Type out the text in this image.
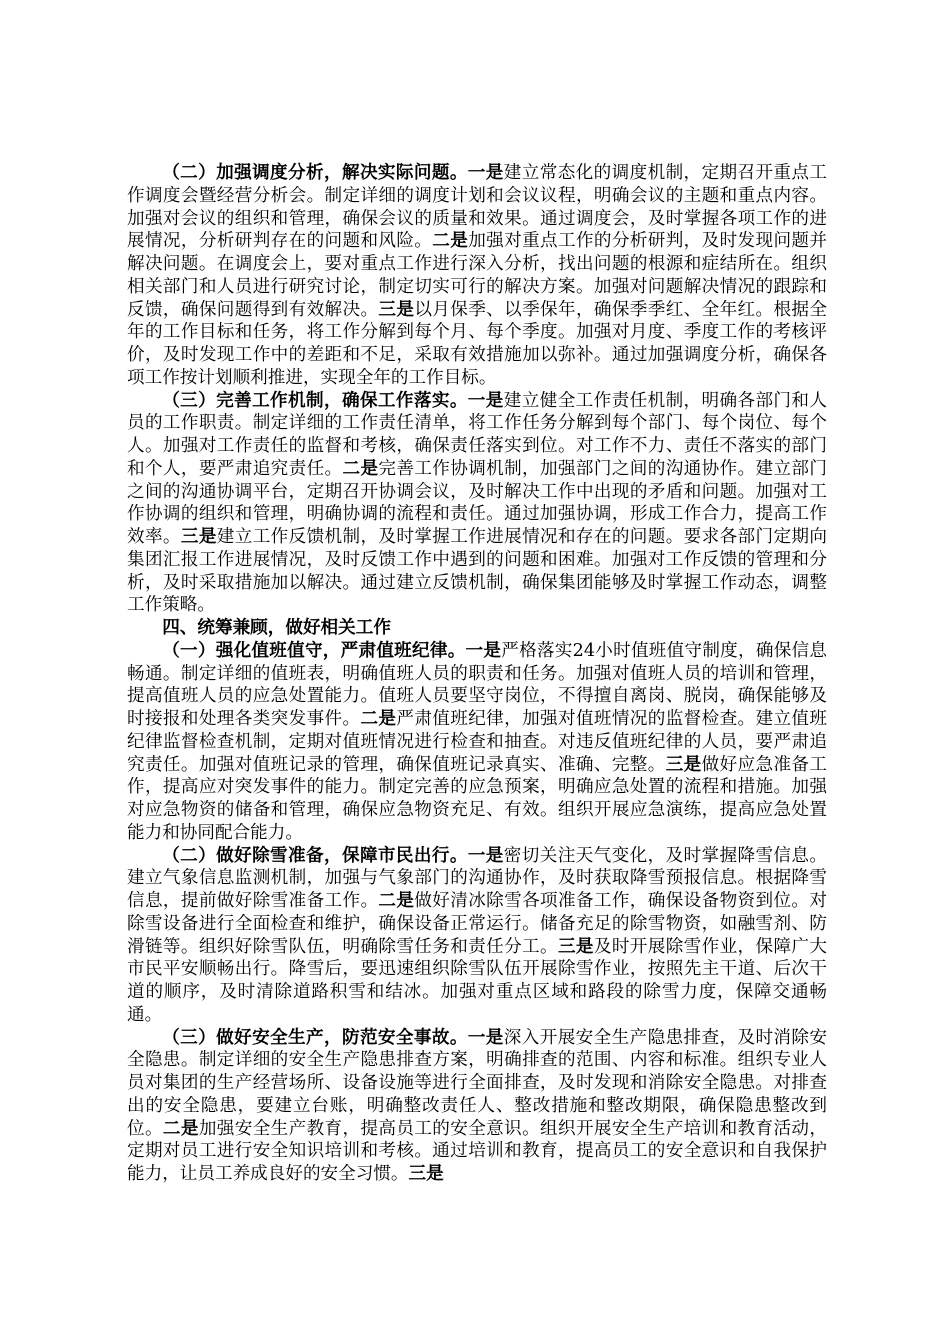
（二）加强调度分析，解决实际问题。一是建立常态化的调度机制，定期召开重点工作调度会暨经营分析会。制定详细的调度计划和会议议程，明确会议的主题和重点内容。加强对会议的组织和管理，确保会议的质量和效果。通过调度会，及时掌握各项工作的进展情况，分析研判存在的问题和风险。二是加强对重点工作的分析研判，及时发现问题并解决问题。在调度会上，要对重点工作进行深入分析，找出问题的根源和症结所在。组织相关部门和人员进行研究讨论，制定切实可行的解决方案。加强对问题解决情况的跟踪和反馈，确保问题得到有效解决。三是以月保季、以季保年，确保季季红、全年红。根据全年的工作目标和任务，将工作分解到每个月、每个季度。加强对月度、季度工作的考核评价，及时发现工作中的差距和不足，采取有效措施加以弥补。通过加强调度分析，确保各项工作按计划顺利推进，实现全年的工作目标。

（三）完善工作机制，确保工作落实。一是建立健全工作责任机制，明确各部门和人员的工作职责。制定详细的工作责任清单，将工作任务分解到每个部门、每个岗位、每个人。加强对工作责任的监督和考核，确保责任落实到位。对工作不力、责任不落实的部门和个人，要严肃追究责任。二是完善工作协调机制，加强部门之间的沟通协作。建立部门之间的沟通协调平台，定期召开协调会议，及时解决工作中出现的矛盾和问题。加强对工作协调的组织和管理，明确协调的流程和责任。通过加强协调，形成工作合力，提高工作效率。三是建立工作反馈机制，及时掌握工作进展情况和存在的问题。要求各部门定期向集团汇报工作进展情况，及时反馈工作中遇到的问题和困难。加强对工作反馈的管理和分析，及时采取措施加以解决。通过建立反馈机制，确保集团能够及时掌握工作动态，调整工作策略。

四、统筹兼顾，做好相关工作

（一）强化值班值守，严肃值班纪律。一是严格落实24小时值班值守制度，确保信息畅通。制定详细的值班表，明确值班人员的职责和任务。加强对值班人员的培训和管理，提高值班人员的应急处置能力。值班人员要坚守岗位，不得擅自离岗、脱岗，确保能够及时接报和处理各类突发事件。二是严肃值班纪律，加强对值班情况的监督检查。建立值班纪律监督检查机制，定期对值班情况进行检查和抽查。对违反值班纪律的人员，要严肃追究责任。加强对值班记录的管理，确保值班记录真实、准确、完整。三是做好应急准备工作，提高应对突发事件的能力。制定完善的应急预案，明确应急处置的流程和措施。加强对应急物资的储备和管理，确保应急物资充足、有效。组织开展应急演练，提高应急处置能力和协同配合能力。

（二）做好除雪准备，保障市民出行。一是密切关注天气变化，及时掌握降雪信息。建立气象信息监测机制，加强与气象部门的沟通协作，及时获取降雪预报信息。根据降雪信息，提前做好除雪准备工作。二是做好清冰除雪各项准备工作，确保设备物资到位。对除雪设备进行全面检查和维护，确保设备正常运行。储备充足的除雪物资，如融雪剂、防滑链等。组织好除雪队伍，明确除雪任务和责任分工。三是及时开展除雪作业，保障广大市民平安顺畅出行。降雪后，要迅速组织除雪队伍开展除雪作业，按照先主干道、后次干道的顺序，及时清除道路积雪和结冰。加强对重点区域和路段的除雪力度，保障交通畅通。

（三）做好安全生产，防范安全事故。一是深入开展安全生产隐患排查，及时消除安全隐患。制定详细的安全生产隐患排查方案，明确排查的范围、内容和标准。组织专业人员对集团的生产经营场所、设备设施等进行全面排查，及时发现和消除安全隐患。对排查出的安全隐患，要建立台账，明确整改责任人、整改措施和整改期限，确保隐患整改到位。二是加强安全生产教育，提高员工的安全意识。组织开展安全生产培训和教育活动，定期对员工进行安全知识培训和考核。通过培训和教育，提高员工的安全意识和自我保护能力，让员工养成良好的安全习惯。三是
